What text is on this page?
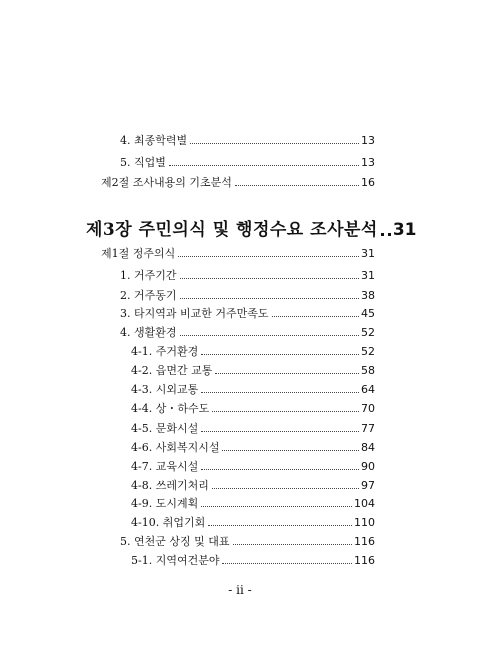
4. 최종학력별	13
5. 직업별	13
제2절 조사내용의 기초분석	16
제3장 주민의식 및 행정수요 조사분석 31
제1절 정주의식	31
1. 거주기간	31
2. 거주동기	38
3. 타지역과 비교한 거주만족도	45
4. 생활환경	52
4-1. 주거환경	52
4-2. 읍면간 교통	58
4-3. 시외교통	64
4-4. 상・하수도	70
4-5. 문화시설	77
4-6. 사회복지시설	84
4-7. 교육시설	90
4-8. 쓰레기처리	97
4-9. 도시계획	104
4-10. 취업기회	110
5. 연천군 상징 및 대표	116
5-1. 지역여건분야	116
- ii -
